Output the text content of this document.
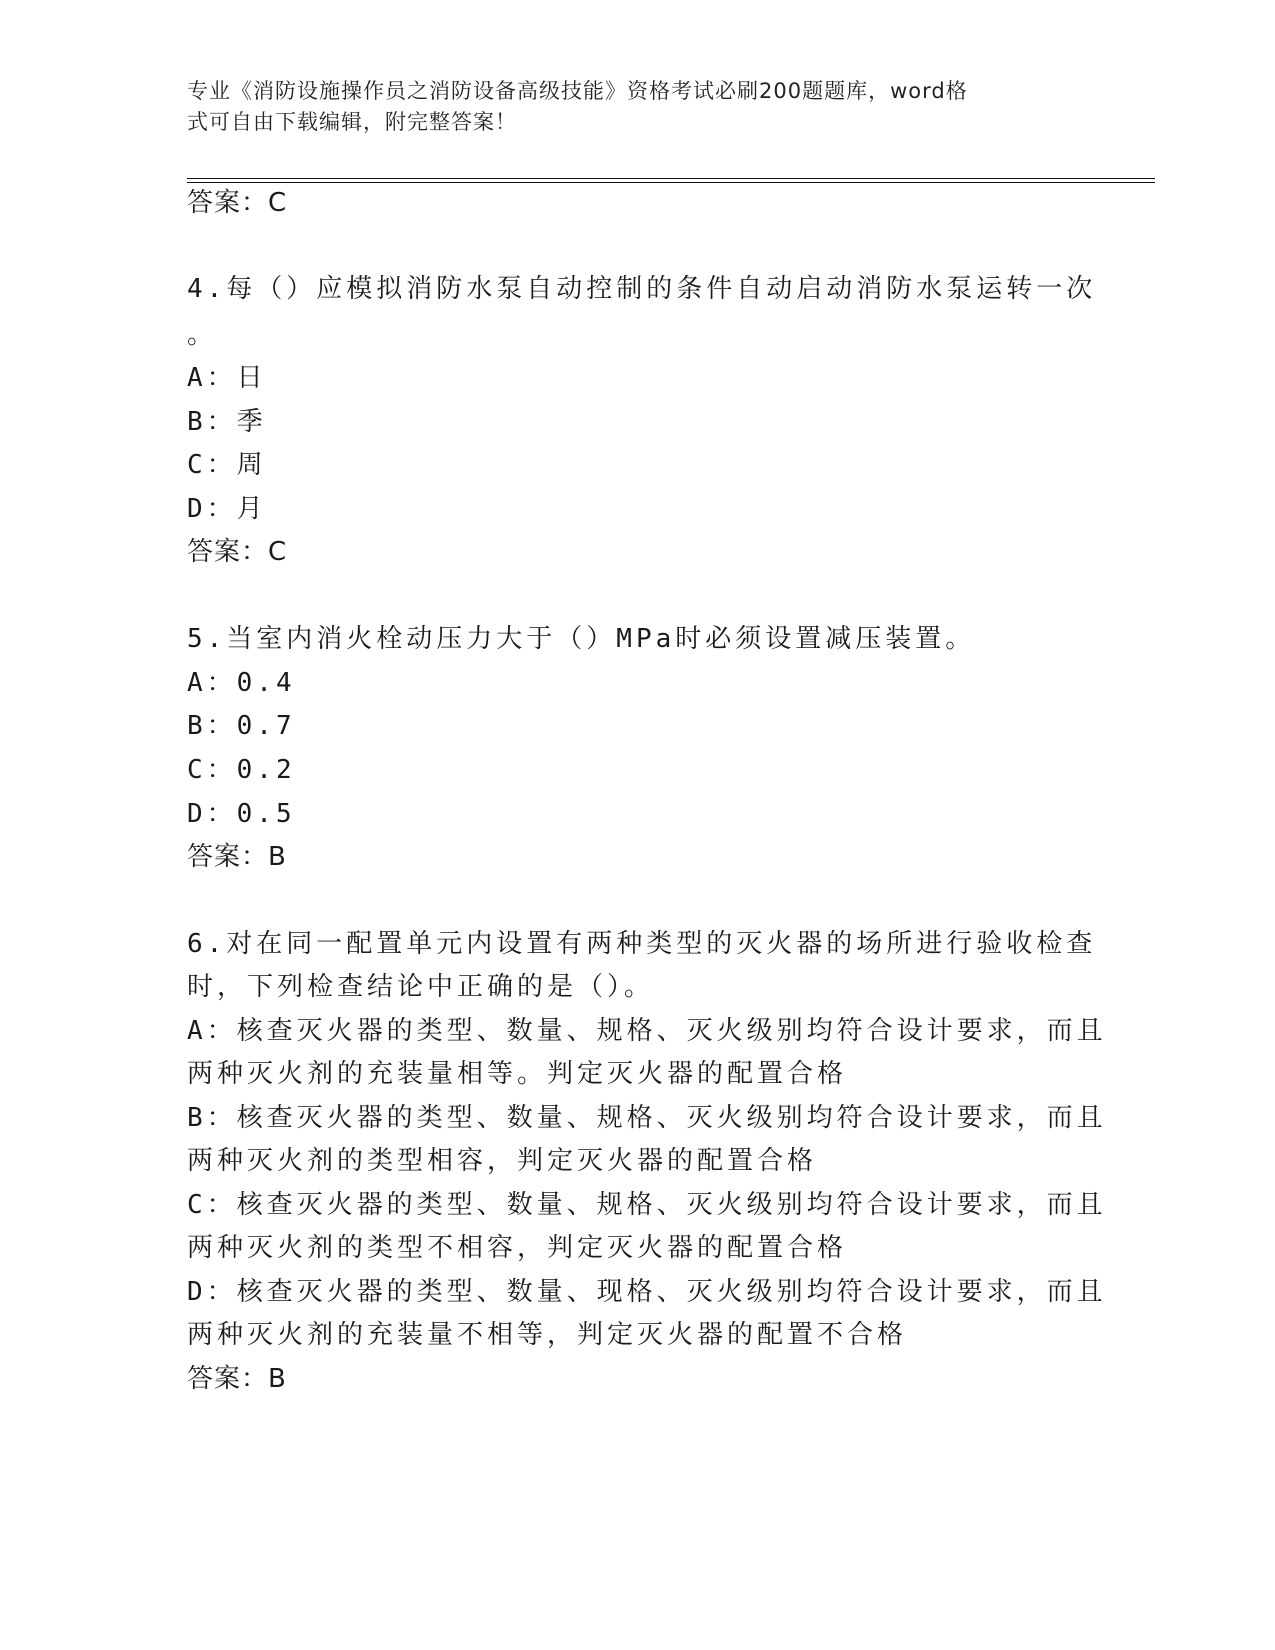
专业《消防设施操作员之消防设备高级技能》资格考试必刷200题题库，word格
式可自由下载编辑，附完整答案！
答案：C
4.每（）应模拟消防水泵自动控制的条件自动启动消防水泵运转一次
。
A：日
B：季
C：周
D：月
答案：C
5.当室内消火栓动压力大于（）MPa时必须设置减压装置。
A：0.4
B：0.7
C：0.2
D：0.5
答案：B
6.对在同一配置单元内设置有两种类型的灭火器的场所进行验收检查
时，下列检查结论中正确的是（）。
A：核查灭火器的类型、数量、规格、灭火级别均符合设计要求，而且
两种灭火剂的充装量相等。判定灭火器的配置合格
B：核查灭火器的类型、数量、规格、灭火级别均符合设计要求，而且
两种灭火剂的类型相容，判定灭火器的配置合格
C：核查灭火器的类型、数量、规格、灭火级别均符合设计要求，而且
两种灭火剂的类型不相容，判定灭火器的配置合格
D：核查灭火器的类型、数量、现格、灭火级别均符合设计要求，而且
两种灭火剂的充装量不相等，判定灭火器的配置不合格
答案：B
